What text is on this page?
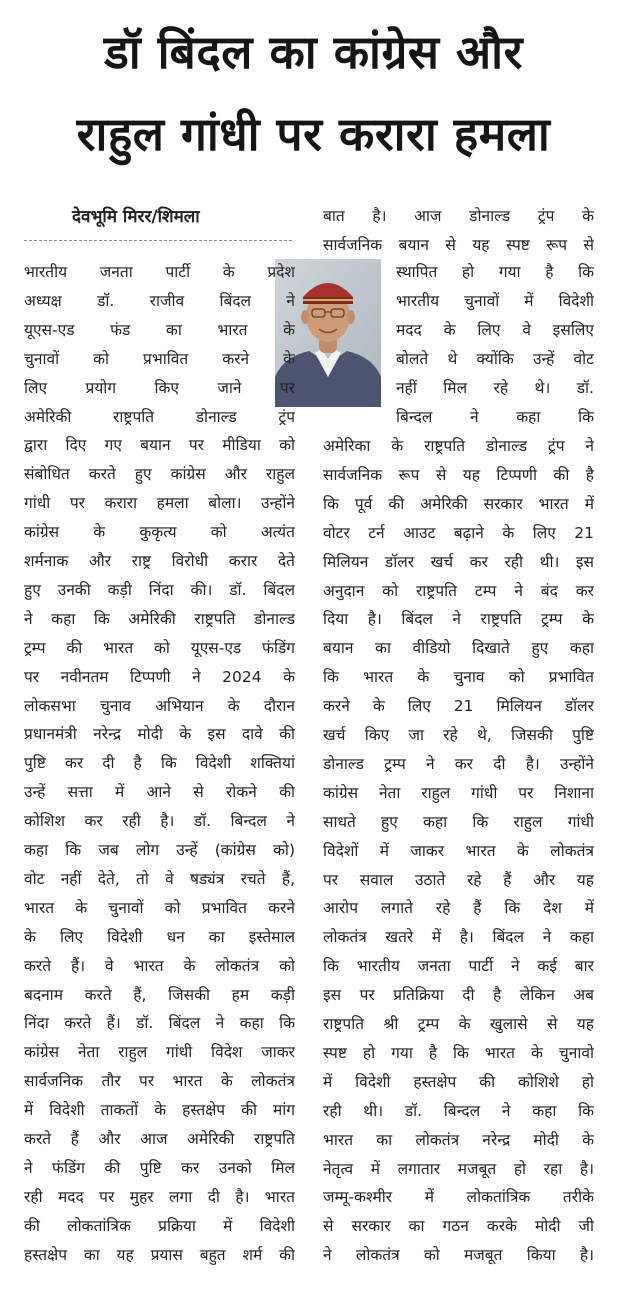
डॉ बिंदल का कांग्रेस और
राहुल गांधी पर करारा हमला
देवभूमि मिरर/शिमला
भारतीय जनता पार्टी के प्रदेश
अध्यक्ष डॉ. राजीव बिंदल ने
यूएस-एड फंड का भारत के
चुनावों को प्रभावित करने के
लिए प्रयोग किए जाने पर
अमेरिकी राष्ट्रपति डोनाल्ड ट्रंप
द्वारा दिए गए बयान पर मीडिया को
संबोधित करते हुए कांग्रेस और राहुल
गांधी पर करारा हमला बोला। उन्होंने
कांग्रेस के कुकृत्य को अत्यंत
शर्मनाक और राष्ट्र विरोधी करार देते
हुए उनकी कड़ी निंदा की। डॉ. बिंदल
ने कहा कि अमेरिकी राष्ट्रपति डोनाल्ड
ट्रम्प की भारत को यूएस-एड फंडिंग
पर नवीनतम टिप्पणी ने 2024 के
लोकसभा चुनाव अभियान के दौरान
प्रधानमंत्री नरेन्द्र मोदी के इस दावे की
पुष्टि कर दी है कि विदेशी शक्तियां
उन्हें सत्ता में आने से रोकने की
कोशिश कर रही है। डॉ. बिन्दल ने
कहा कि जब लोग उन्हें (कांग्रेस को)
वोट नहीं देते, तो वे षड्यंत्र रचते हैं,
भारत के चुनावों को प्रभावित करने
के लिए विदेशी धन का इस्तेमाल
करते हैं। वे भारत के लोकतंत्र को
बदनाम करते हैं, जिसकी हम कड़ी
निंदा करते हैं। डॉ. बिंदल ने कहा कि
कांग्रेस नेता राहुल गांधी विदेश जाकर
सार्वजनिक तौर पर भारत के लोकतंत्र
में विदेशी ताकतों के हस्तक्षेप की मांग
करते हैं और आज अमेरिकी राष्ट्रपति
ने फंडिंग की पुष्टि कर उनको मिल
रही मदद पर मुहर लगा दी है। भारत
की लोकतांत्रिक प्रक्रिया में विदेशी
हस्तक्षेप का यह प्रयास बहुत शर्म की
बात है। आज डोनाल्ड ट्रंप के
सार्वजनिक बयान से यह स्पष्ट रूप से
स्थापित हो गया है कि
भारतीय चुनावों में विदेशी
मदद के लिए वे इसलिए
बोलते थे क्योंकि उन्हें वोट
नहीं मिल रहे थे। डॉ.
बिन्दल ने कहा कि
अमेरिका के राष्ट्रपति डोनाल्ड ट्रंप ने
सार्वजनिक रूप से यह टिप्पणी की है
कि पूर्व की अमेरिकी सरकार भारत में
वोटर टर्न आउट बढ़ाने के लिए 21
मिलियन डॉलर खर्च कर रही थी। इस
अनुदान को राष्ट्रपति टम्प ने बंद कर
दिया है। बिंदल ने राष्ट्रपति ट्रम्प के
बयान का वीडियो दिखाते हुए कहा
कि भारत के चुनाव को प्रभावित
करने के लिए 21 मिलियन डॉलर
खर्च किए जा रहे थे, जिसकी पुष्टि
डोनाल्ड ट्रम्प ने कर दी है। उन्होंने
कांग्रेस नेता राहुल गांधी पर निशाना
साधते हुए कहा कि राहुल गांधी
विदेशों में जाकर भारत के लोकतंत्र
पर सवाल उठाते रहे हैं और यह
आरोप लगाते रहे हैं कि देश में
लोकतंत्र खतरे में है। बिंदल ने कहा
कि भारतीय जनता पार्टी ने कई बार
इस पर प्रतिक्रिया दी है लेकिन अब
राष्ट्रपति श्री ट्रम्प के खुलासे से यह
स्पष्ट हो गया है कि भारत के चुनावो
में विदेशी हस्तक्षेप की कोशिशे हो
रही थी। डॉ. बिन्दल ने कहा कि
भारत का लोकतंत्र नरेन्द्र मोदी के
नेतृत्व में लगातार मजबूत हो रहा है।
जम्मू-कश्मीर में लोकतांत्रिक तरीके
से सरकार का गठन करके मोदी जी
ने लोकतंत्र को मजबूत किया है।
